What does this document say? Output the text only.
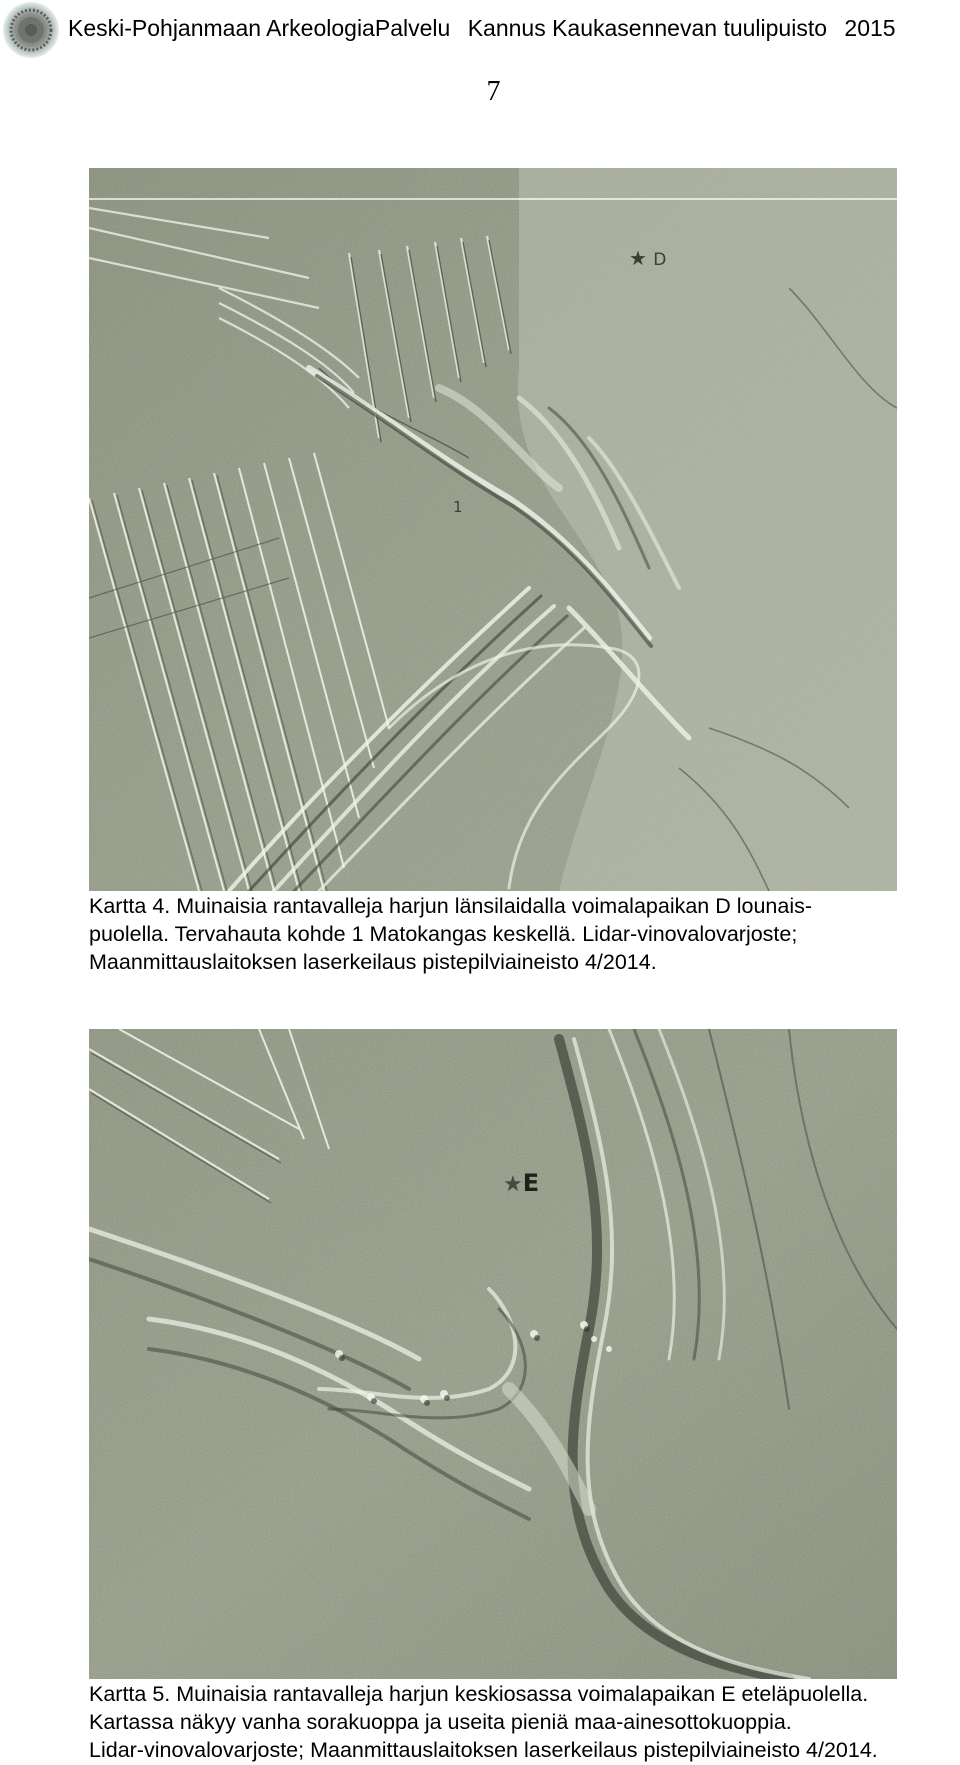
Keski-Pohjanmaan ArkeologiaPalvelu Kannus Kaukasennevan tuulipuisto 2015
7
★ D
1
Kartta 4. Muinaisia rantavalleja harjun länsilaidalla voimalapaikan D lounais-
puolella. Tervahauta kohde 1 Matokangas keskellä. Lidar-vinovalovarjoste;
Maanmittauslaitoksen laserkeilaus pistepilviaineisto 4/2014.
★E
Kartta 5. Muinaisia rantavalleja harjun keskiosassa voimalapaikan E eteläpuolella.
Kartassa näkyy vanha sorakuoppa ja useita pieniä maa-ainesottokuoppia.
Lidar-vinovalovarjoste; Maanmittauslaitoksen laserkeilaus pistepilviaineisto 4/2014.
